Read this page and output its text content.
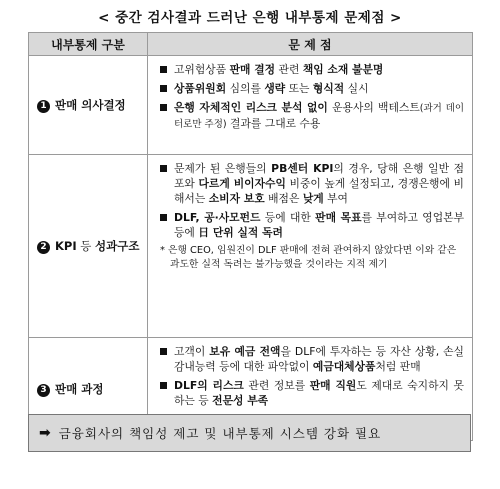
< 중간 검사결과 드러난 은행 내부통제 문제점 >
내부통제 구분	문 제 점
1 판매 의사결정	고위험상품 판매 결정 관련 책임 소재 불분명
상품위원회 심의를 생략 또는 형식적 실시
은행 자체적인 리스크 분석 없이 운용사의 백테스트(과거 데이터로만 주정) 결과를 그대로 수용

2 KPI 등 성과구조	문제가 된 은행들의 PB센터 KPI의 경우, 당해 은행 일반 점포와 다르게 비이자수익 비중이 높게 설정되고, 경쟁은행에 비해서는 소비자 보호 배점은 낮게 부여
DLF, 공·사모펀드 등에 대한 판매 목표를 부여하고 영업본부 등에 日 단위 실적 독려
* 은행 CEO, 임원진이 DLF 판매에 전혀 관여하지 않았다면 이와 같은 과도한 실적 독려는 불가능했을 것이라는 지적 제기

3 판매 과정	고객이 보유 예금 전액을 DLF에 투자하는 등 자산 상황, 손실감내능력 등에 대한 파악없이 예금대체상품처럼 판매
DLF의 리스크 관련 정보를 판매 직원도 제대로 숙지하지 못하는 등 전문성 부족
➡ 금융회사의 책임성 제고 및 내부통제 시스템 강화 필요
